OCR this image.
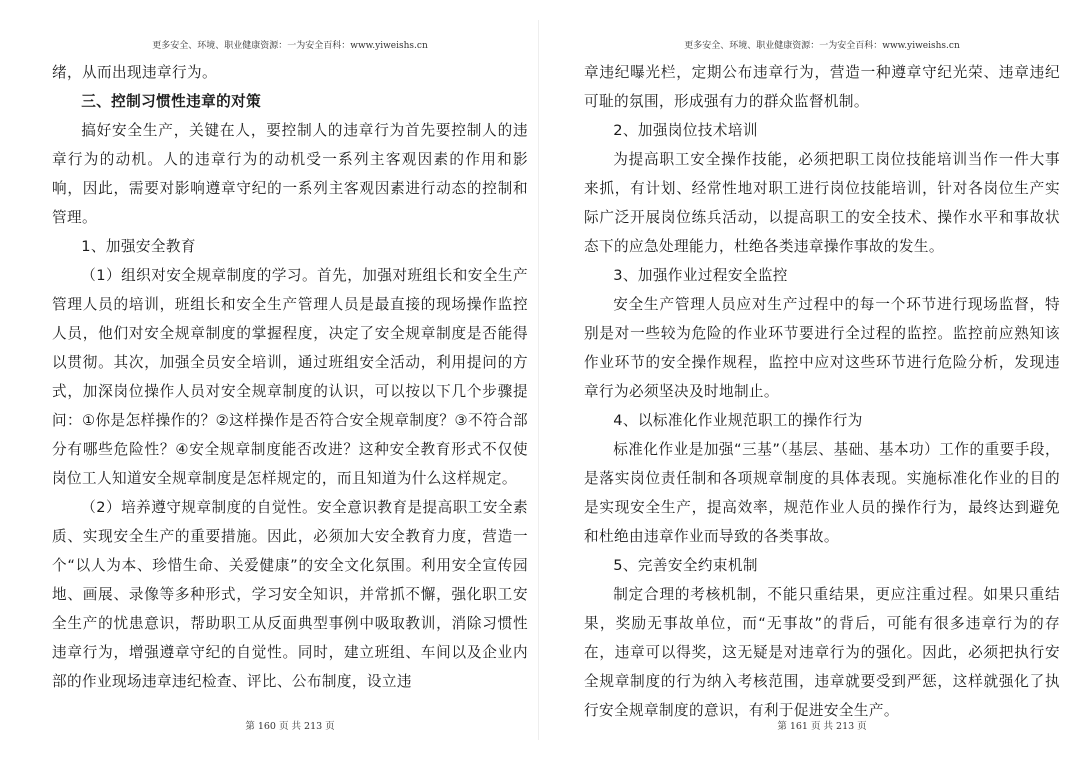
更多安全、环境、职业健康资源：一为安全百科：www.yiweishs.cn

绪，从而出现违章行为。

三、控制习惯性违章的对策

搞好安全生产，关键在人，要控制人的违章行为首先要控制人的违章行为的动机。人的违章行为的动机受一系列主客观因素的作用和影响，因此，需要对影响遵章守纪的一系列主客观因素进行动态的控制和管理。

1、加强安全教育

（1）组织对安全规章制度的学习。首先，加强对班组长和安全生产管理人员的培训，班组长和安全生产管理人员是最直接的现场操作监控人员，他们对安全规章制度的掌握程度，决定了安全规章制度是否能得以贯彻。其次，加强全员安全培训，通过班组安全活动，利用提问的方式，加深岗位操作人员对安全规章制度的认识，可以按以下几个步骤提问：①你是怎样操作的？②这样操作是否符合安全规章制度？③不符合部分有哪些危险性？④安全规章制度能否改进？这种安全教育形式不仅使岗位工人知道安全规章制度是怎样规定的，而且知道为什么这样规定。

（2）培养遵守规章制度的自觉性。安全意识教育是提高职工安全素质、实现安全生产的重要措施。因此，必须加大安全教育力度，营造一个“以人为本、珍惜生命、关爱健康”的安全文化氛围。利用安全宣传园地、画展、录像等多种形式，学习安全知识，并常抓不懈，强化职工安全生产的忧患意识，帮助职工从反面典型事例中吸取教训，消除习惯性违章行为，增强遵章守纪的自觉性。同时，建立班组、车间以及企业内部的作业现场违章违纪检查、评比、公布制度，设立违

第 160 页 共 213 页
更多安全、环境、职业健康资源：一为安全百科：www.yiweishs.cn

章违纪曝光栏，定期公布违章行为，营造一种遵章守纪光荣、违章违纪可耻的氛围，形成强有力的群众监督机制。

2、加强岗位技术培训

为提高职工安全操作技能，必须把职工岗位技能培训当作一件大事来抓，有计划、经常性地对职工进行岗位技能培训，针对各岗位生产实际广泛开展岗位练兵活动，以提高职工的安全技术、操作水平和事故状态下的应急处理能力，杜绝各类违章操作事故的发生。

3、加强作业过程安全监控

安全生产管理人员应对生产过程中的每一个环节进行现场监督，特别是对一些较为危险的作业环节要进行全过程的监控。监控前应熟知该作业环节的安全操作规程，监控中应对这些环节进行危险分析，发现违章行为必须坚决及时地制止。

4、以标准化作业规范职工的操作行为

标准化作业是加强“三基”（基层、基础、基本功）工作的重要手段，是落实岗位责任制和各项规章制度的具体表现。实施标准化作业的目的是实现安全生产，提高效率，规范作业人员的操作行为，最终达到避免和杜绝由违章作业而导致的各类事故。

5、完善安全约束机制

制定合理的考核机制，不能只重结果，更应注重过程。如果只重结果，奖励无事故单位，而“无事故”的背后，可能有很多违章行为的存在，违章可以得奖，这无疑是对违章行为的强化。因此，必须把执行安全规章制度的行为纳入考核范围，违章就要受到严惩，这样就强化了执行安全规章制度的意识，有利于促进安全生产。

第 161 页 共 213 页
